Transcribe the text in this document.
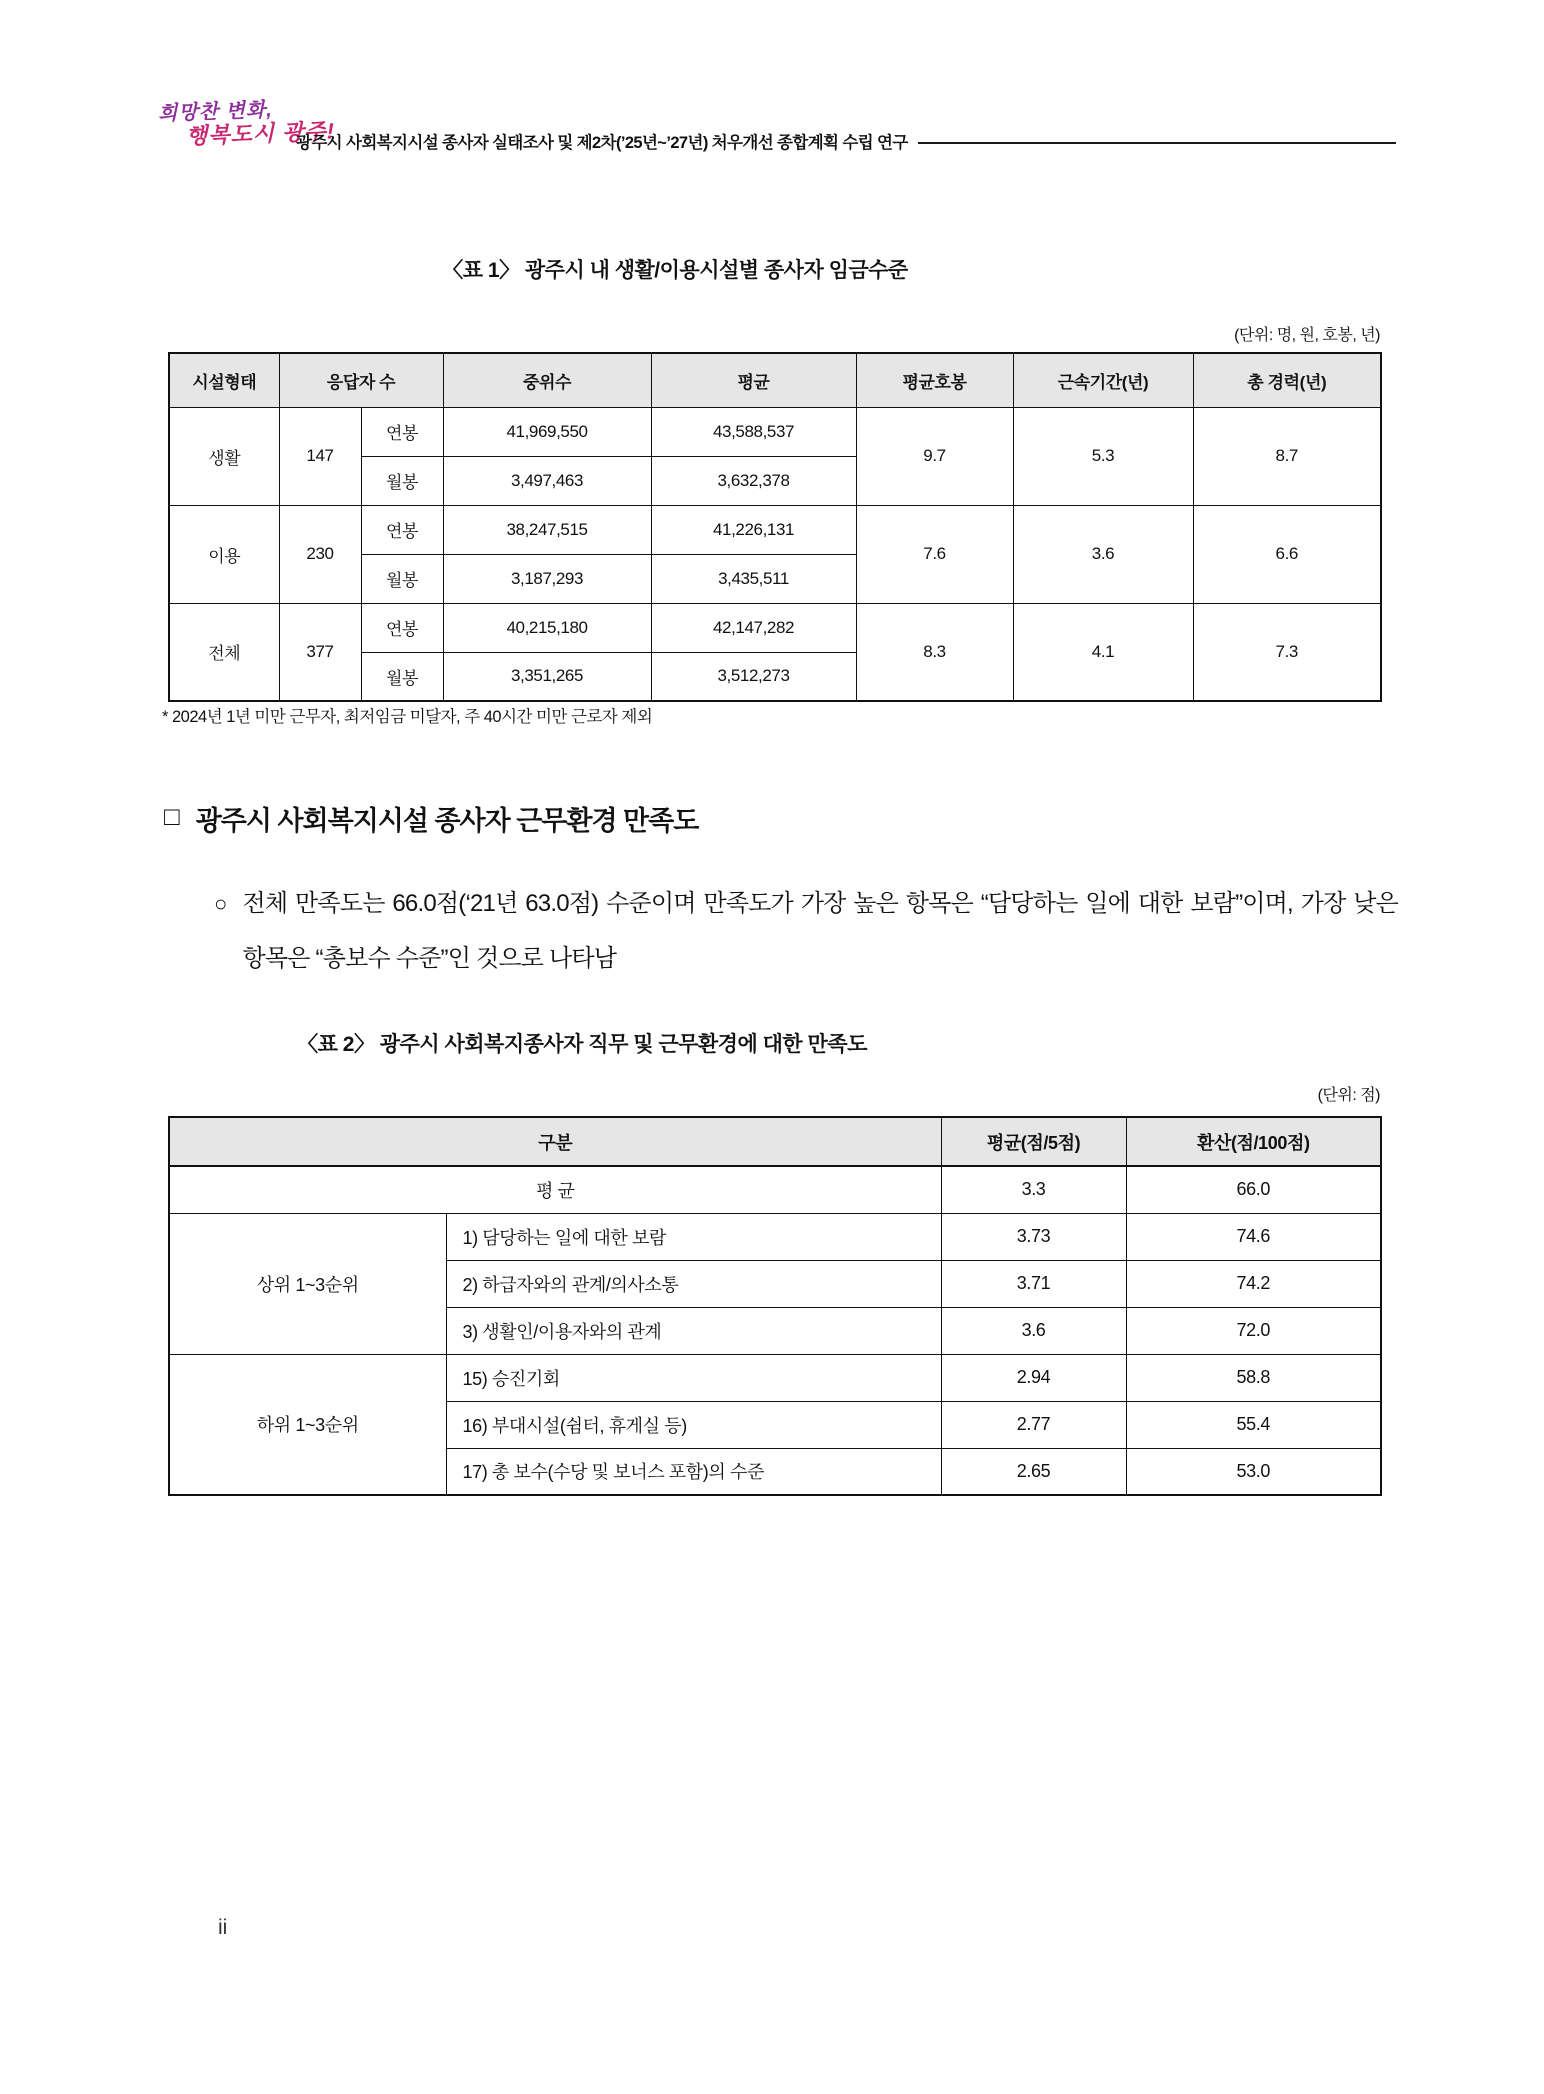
희망찬 변화,
행복도시 광주!
광주시 사회복지시설 종사자 실태조사 및 제2차(’25년~’27년) 처우개선 종합계획 수립 연구
〈표 1〉 광주시 내 생활/이용시설별 종사자 임금수준
(단위: 명, 원, 호봉, 년)
시설형태	응답자 수		중위수	평균	평균호봉	근속기간(년)	총 경력(년)
생활	147	연봉	41,969,550	43,588,537	9.7	5.3	8.7
		월봉	3,497,463	3,632,378			
이용	230	연봉	38,247,515	41,226,131	7.6	3.6	6.6
		월봉	3,187,293	3,435,511			
전체	377	연봉	40,215,180	42,147,282	8.3	4.1	7.3
		월봉	3,351,265	3,512,273			
* 2024년 1년 미만 근무자, 최저임금 미달자, 주 40시간 미만 근로자 제외
□ 광주시 사회복지시설 종사자 근무환경 만족도
○ 전체 만족도는 66.0점(‘21년 63.0점) 수준이며 만족도가 가장 높은 항목은 “담당하는 일에 대한 보람”이며, 가장 낮은 항목은 “총보수 수준”인 것으로 나타남
〈표 2〉 광주시 사회복지종사자 직무 및 근무환경에 대한 만족도
(단위: 점)
구분		평균(점/5점)	환산(점/100점)
평 균		3.3	66.0
상위 1~3순위	1) 담당하는 일에 대한 보람	3.73	74.6
	2) 하급자와의 관계/의사소통	3.71	74.2
	3) 생활인/이용자와의 관계	3.6	72.0
하위 1~3순위	15) 승진기회	2.94	58.8
	16) 부대시설(쉼터, 휴게실 등)	2.77	55.4
	17) 총 보수(수당 및 보너스 포함)의 수준	2.65	53.0
ii
